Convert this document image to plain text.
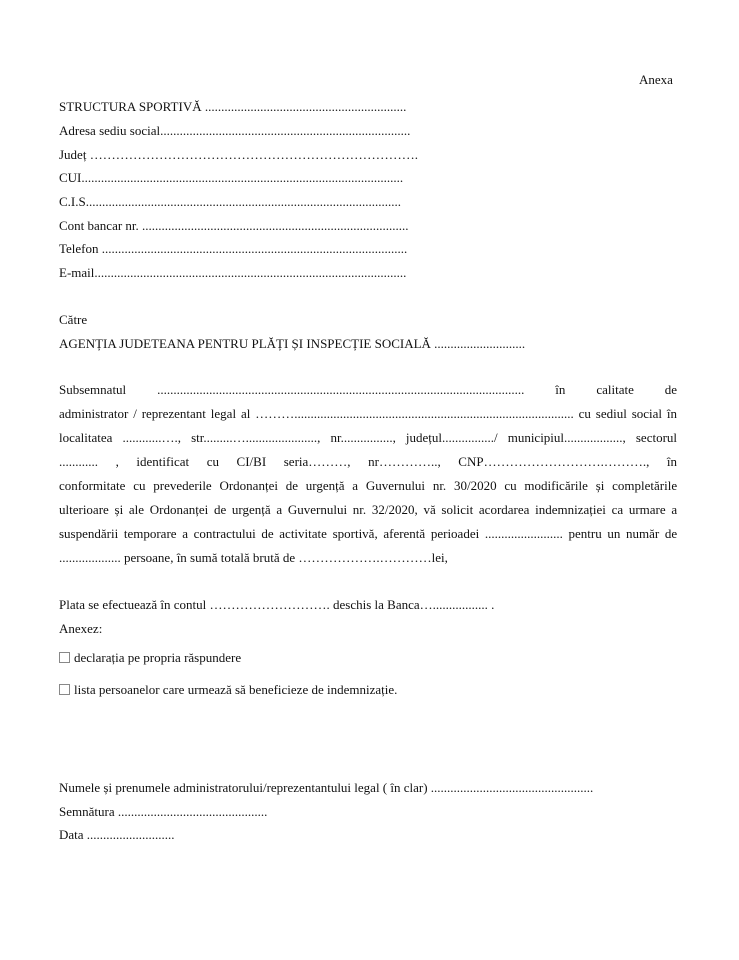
Anexa
STRUCTURA SPORTIVĂ ..............................................................
Adresa sediu social.............................................................................
Județ ………………………………………………………………….
CUI...................................................................................................
C.I.S.................................................................................................
Cont bancar nr. ..................................................................................
Telefon ..............................................................................................
E-mail................................................................................................
Către
AGENȚIA JUDETEANA PENTRU PLĂȚI ȘI INSPECȚIE SOCIALĂ ............................
Subsemnatul ................................................................................................................. în calitate de
administrator / reprezentant legal al ………...................................................................................... cu sediul social în
localitatea ............…., str.........…......................, nr................, județul................/ municipiul.................., sectorul
............ , identificat cu CI/BI seria………, nr………….., CNP……………………….………., în
conformitate cu prevederile Ordonanței de urgență a Guvernului nr. 30/2020 cu modificările și completările
ulterioare și ale Ordonanței de urgență a Guvernului nr. 32/2020, vă solicit acordarea indemnizației ca urmare a
suspendării temporare a contractului de activitate sportivă, aferentă perioadei ........................ pentru un număr de
................... persoane, în sumă totală brută de ……………….…………lei,
Plata se efectuează în contul ………………………. deschis la Banca…................. .
Anexez:
declarația pe propria răspundere
lista persoanelor care urmează să beneficieze de indemnizație.
Numele și prenumele administratorului/reprezentantului legal ( în clar) ..................................................
Semnătura ..............................................
Data ...........................
